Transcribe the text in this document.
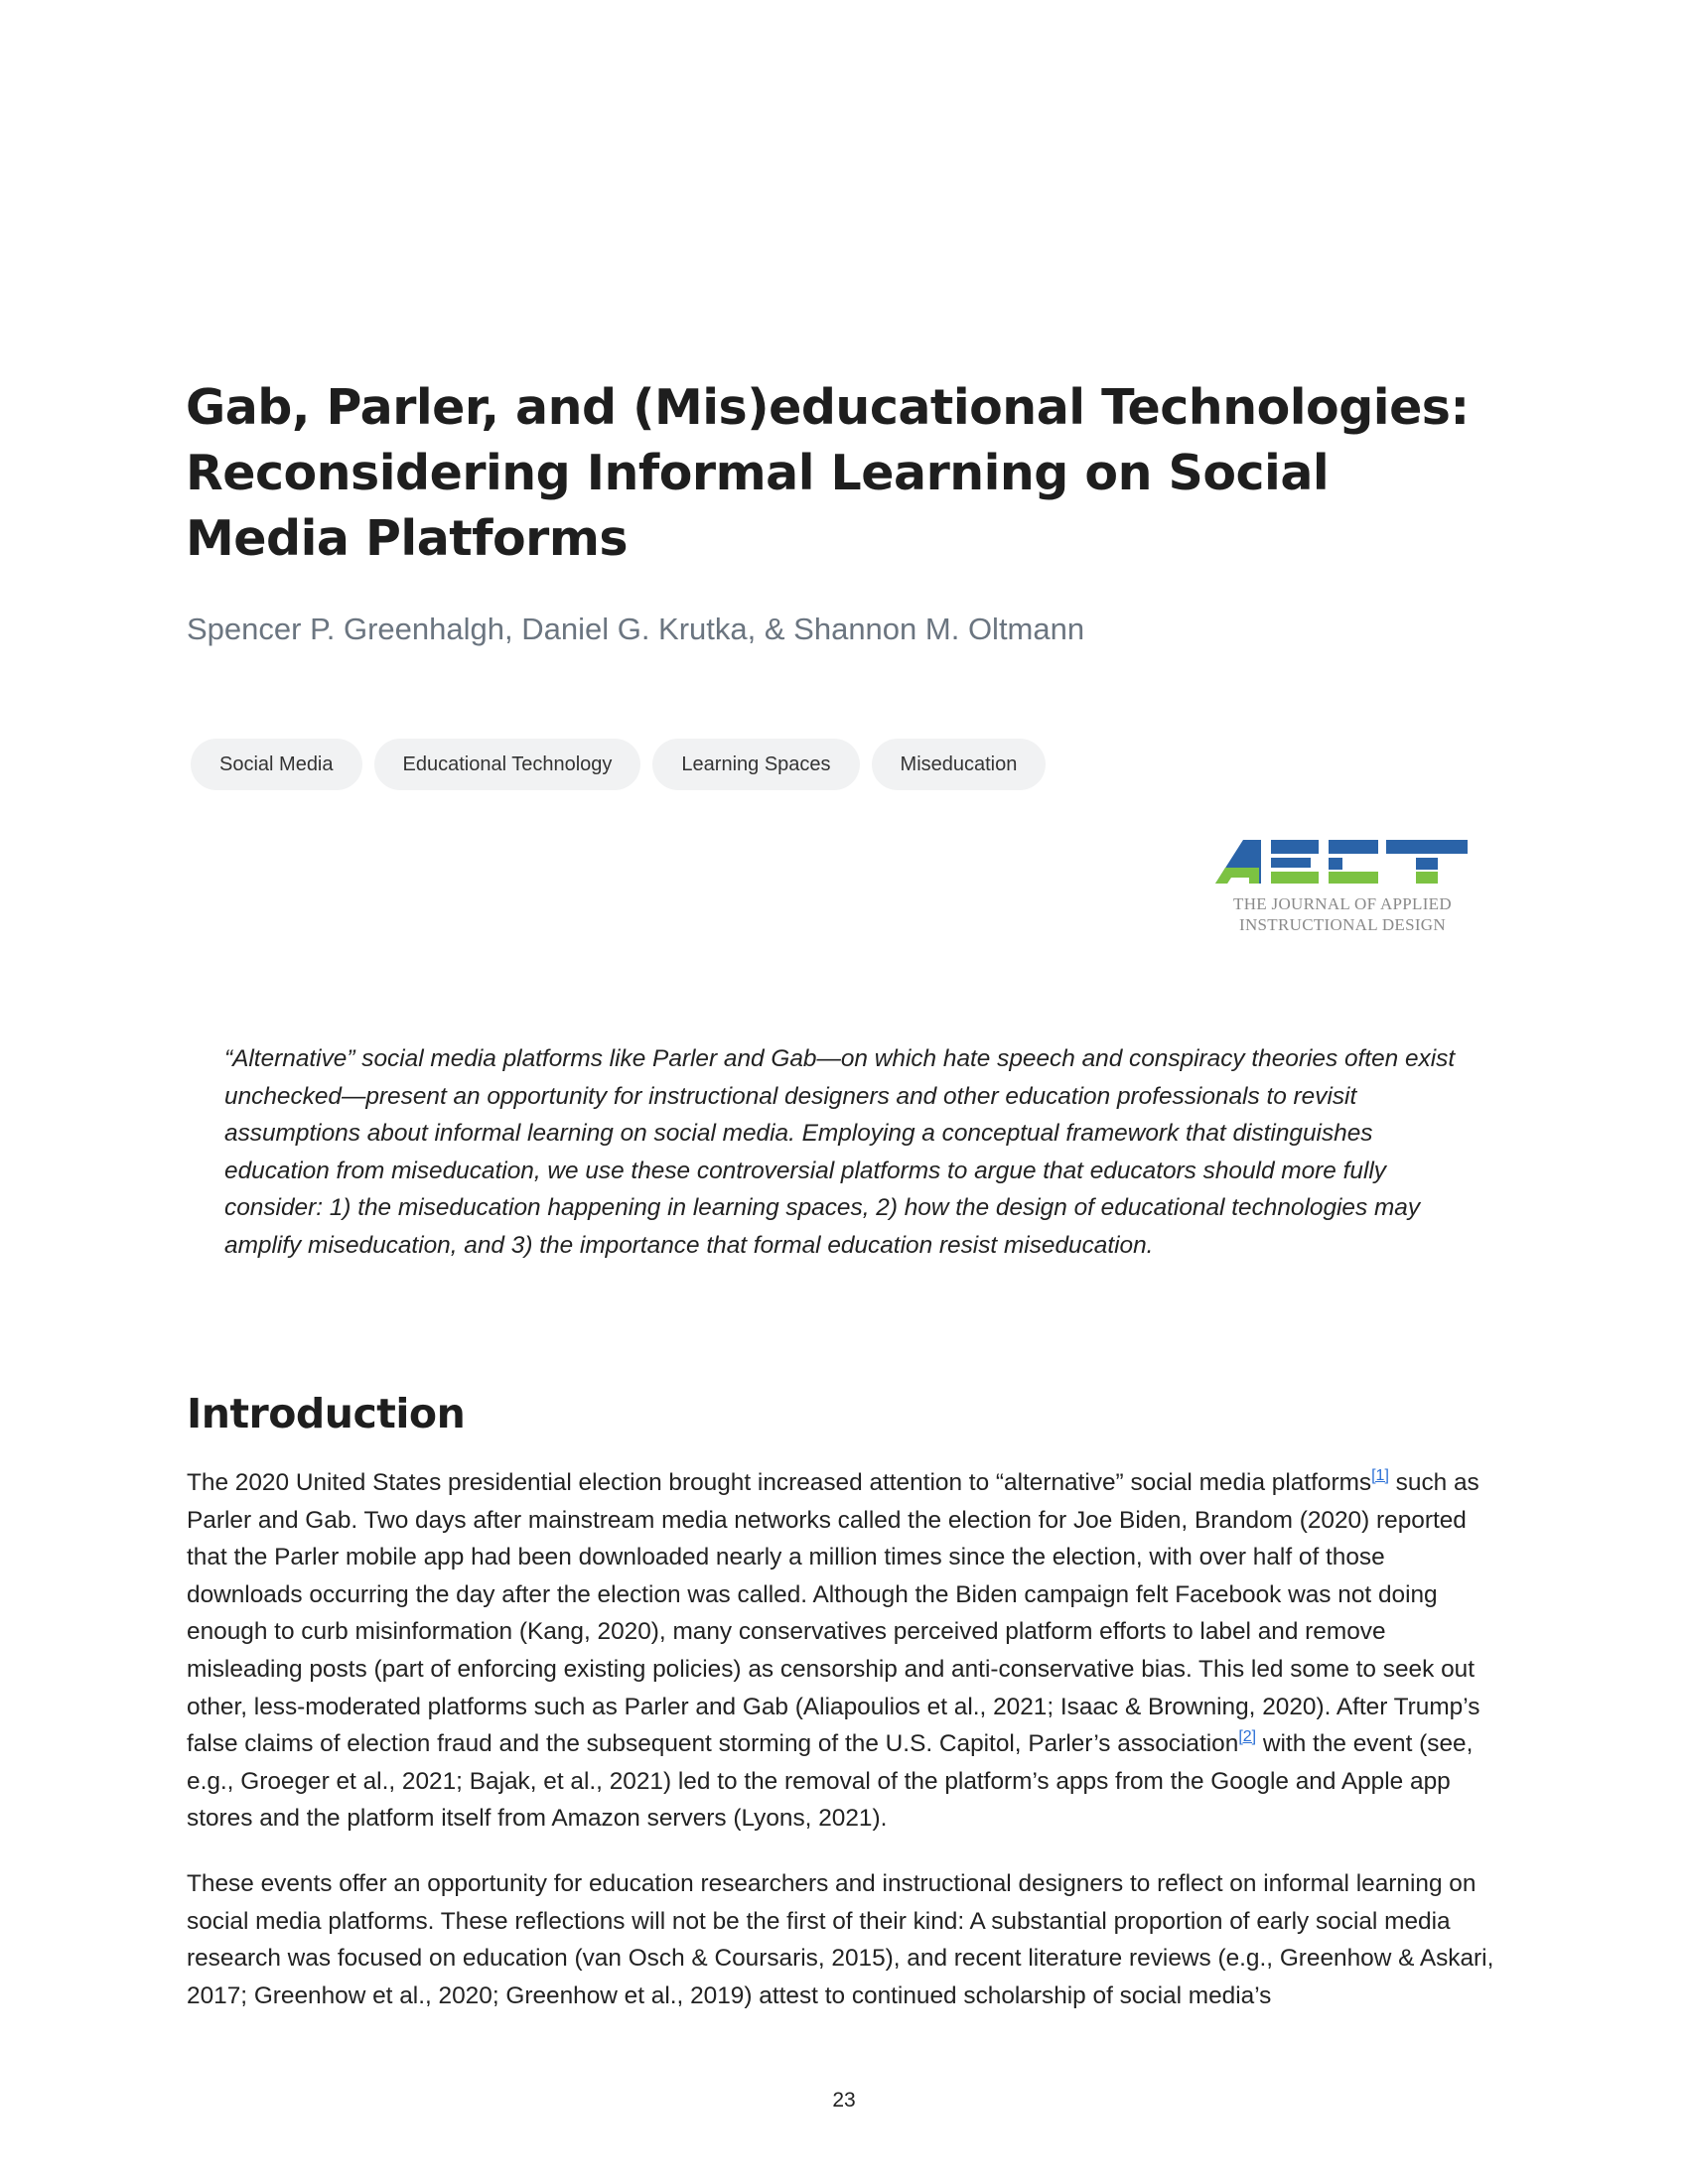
Gab, Parler, and (Mis)educational Technologies: Reconsidering Informal Learning on Social Media Platforms

Spencer P. Greenhalgh, Daniel G. Krutka, & Shannon M. Oltmann

Social Media	Educational Technology	Learning Spaces	Miseducation
THE JOURNAL OF APPLIED
INSTRUCTIONAL DESIGN

“Alternative” social media platforms like Parler and Gab—on which hate speech and conspiracy theories often exist unchecked—present an opportunity for instructional designers and other education professionals to revisit assumptions about informal learning on social media. Employing a conceptual framework that distinguishes education from miseducation, we use these controversial platforms to argue that educators should more fully consider: 1) the miseducation happening in learning spaces, 2) how the design of educational technologies may amplify miseducation, and 3) the importance that formal education resist miseducation.

Introduction

The 2020 United States presidential election brought increased attention to “alternative” social media platforms[1] such as Parler and Gab. Two days after mainstream media networks called the election for Joe Biden, Brandom (2020) reported that the Parler mobile app had been downloaded nearly a million times since the election, with over half of those downloads occurring the day after the election was called. Although the Biden campaign felt Facebook was not doing enough to curb misinformation (Kang, 2020), many conservatives perceived platform efforts to label and remove misleading posts (part of enforcing existing policies) as censorship and anti-conservative bias. This led some to seek out other, less-moderated platforms such as Parler and Gab (Aliapoulios et al., 2021; Isaac & Browning, 2020). After Trump’s false claims of election fraud and the subsequent storming of the U.S. Capitol, Parler’s association[2] with the event (see, e.g., Groeger et al., 2021; Bajak, et al., 2021) led to the removal of the platform’s apps from the Google and Apple app stores and the platform itself from Amazon servers (Lyons, 2021).

These events offer an opportunity for education researchers and instructional designers to reflect on informal learning on social media platforms. These reflections will not be the first of their kind: A substantial proportion of early social media research was focused on education (van Osch & Coursaris, 2015), and recent literature reviews (e.g., Greenhow & Askari, 2017; Greenhow et al., 2020; Greenhow et al., 2019) attest to continued scholarship of social media’s

23
